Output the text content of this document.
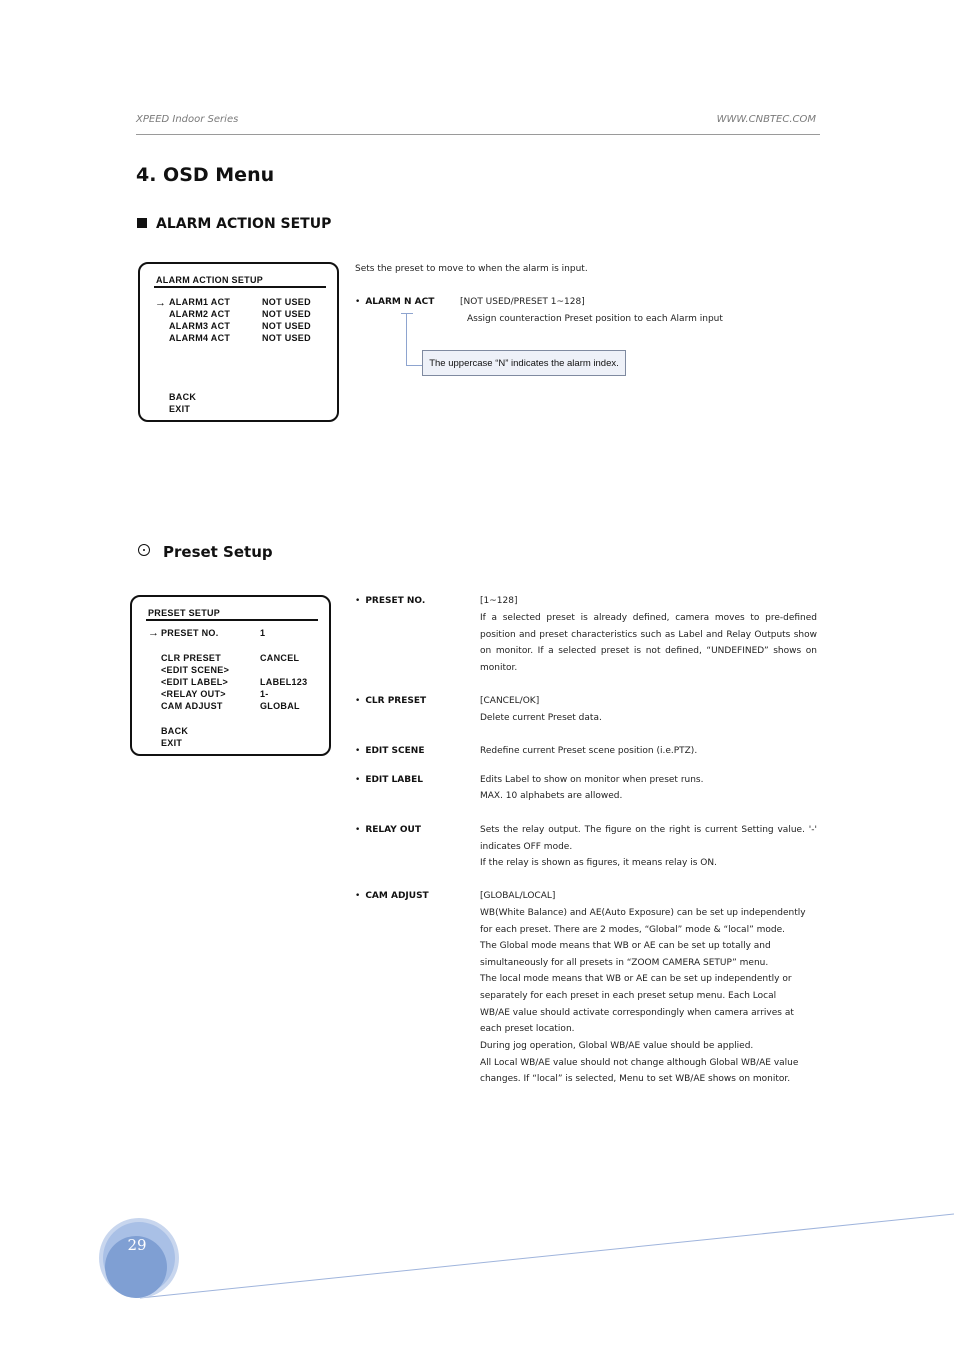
XPEED Indoor Series	WWW.CNBTEC.COM
4. OSD Menu
ALARM ACTION SETUP
ALARM ACTION SETUP
→ ALARM1 ACT	NOT USED
ALARM2 ACT	NOT USED
ALARM3 ACT	NOT USED
ALARM4 ACT	NOT USED
BACK
EXIT
Sets the preset to move to when the alarm is input.
• ALARM N ACT	[NOT USED/PRESET 1~128]
Assign counteraction Preset position to each Alarm input
The uppercase “N” indicates the alarm index.
Preset Setup
PRESET SETUP
→ PRESET NO.	1
CLR PRESET	CANCEL
<EDIT SCENE>
<EDIT LABEL>	LABEL123
<RELAY OUT>	1-
CAM ADJUST	GLOBAL
BACK
EXIT
• PRESET NO.	[1~128]
If a selected preset is already defined, camera moves to pre-defined position and preset characteristics such as Label and Relay Outputs show on monitor. If a selected preset is not defined, “UNDEFINED” shows on monitor.
• CLR PRESET	[CANCEL/OK]
Delete current Preset data.
• EDIT SCENE	Redefine current Preset scene position (i.e.PTZ).
• EDIT LABEL	Edits Label to show on monitor when preset runs.
MAX. 10 alphabets are allowed.
• RELAY OUT	Sets the relay output. The figure on the right is current Setting value. '-' indicates OFF mode.
If the relay is shown as figures, it means relay is ON.
• CAM ADJUST	[GLOBAL/LOCAL]
WB(White Balance) and AE(Auto Exposure) can be set up independently
for each preset. There are 2 modes, “Global” mode & “local” mode.
The Global mode means that WB or AE can be set up totally and
simultaneously for all presets in “ZOOM CAMERA SETUP” menu.
The local mode means that WB or AE can be set up independently or
separately for each preset in each preset setup menu. Each Local
WB/AE value should activate correspondingly when camera arrives at
each preset location.
During jog operation, Global WB/AE value should be applied.
All Local WB/AE value should not change although Global WB/AE value
changes. If “local” is selected, Menu to set WB/AE shows on monitor.
29
